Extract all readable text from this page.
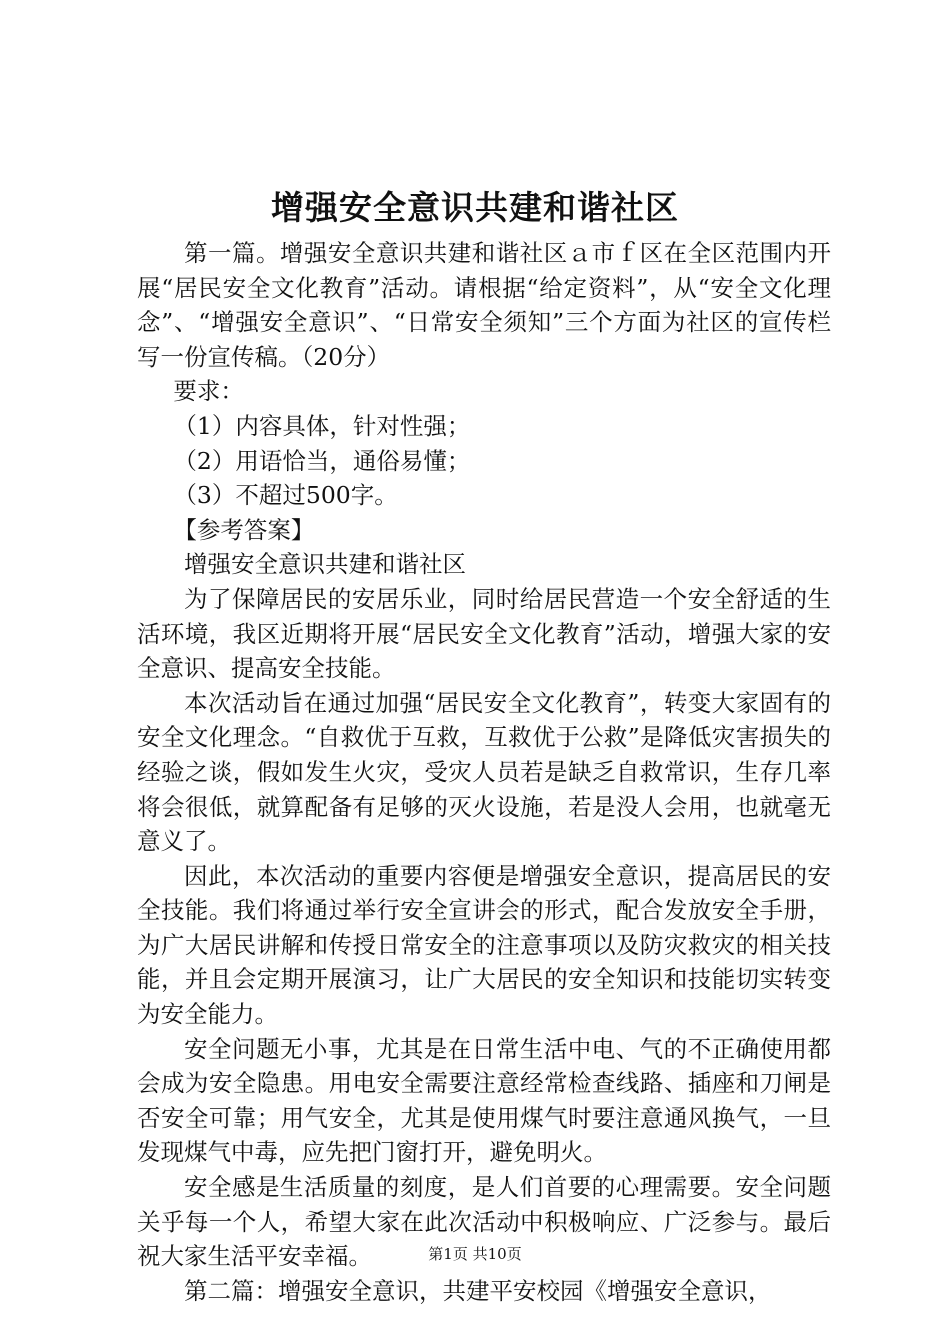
增强安全意识共建和谐社区

第一篇。增强安全意识共建和谐社区ａ市ｆ区在全区范围内开展“居民安全文化教育”活动。请根据“给定资料”，从“安全文化理念”、“增强安全意识”、“日常安全须知”三个方面为社区的宣传栏写一份宣传稿。（20分）

要求：

（1）内容具体，针对性强；

（2）用语恰当，通俗易懂；

（3）不超过500字。

【参考答案】

增强安全意识共建和谐社区

为了保障居民的安居乐业，同时给居民营造一个安全舒适的生活环境，我区近期将开展“居民安全文化教育”活动，增强大家的安全意识、提高安全技能。

本次活动旨在通过加强“居民安全文化教育”，转变大家固有的安全文化理念。“自救优于互救，互救优于公救”是降低灾害损失的经验之谈，假如发生火灾，受灾人员若是缺乏自救常识，生存几率将会很低，就算配备有足够的灭火设施，若是没人会用，也就毫无意义了。

因此，本次活动的重要内容便是增强安全意识，提高居民的安全技能。我们将通过举行安全宣讲会的形式，配合发放安全手册，为广大居民讲解和传授日常安全的注意事项以及防灾救灾的相关技能，并且会定期开展演习，让广大居民的安全知识和技能切实转变为安全能力。

安全问题无小事，尤其是在日常生活中电、气的不正确使用都会成为安全隐患。用电安全需要注意经常检查线路、插座和刀闸是否安全可靠；用气安全，尤其是使用煤气时要注意通风换气，一旦发现煤气中毒，应先把门窗打开，避免明火。

安全感是生活质量的刻度，是人们首要的心理需要。安全问题关乎每一个人，希望大家在此次活动中积极响应、广泛参与。最后祝大家生活平安幸福。

第二篇：增强安全意识，共建平安校园《增强安全意识，

第1页 共10页
